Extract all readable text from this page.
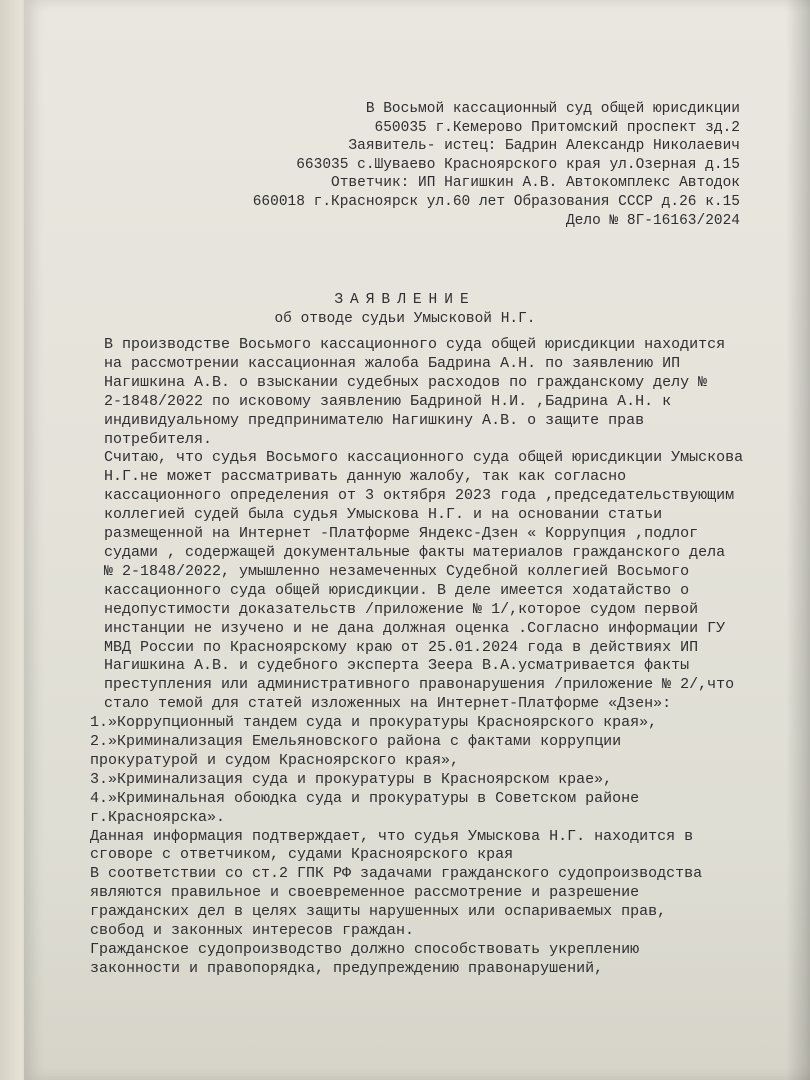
В Восьмой кассационный суд общей юрисдикции
650035 г.Кемерово Притомский проспект зд.2
Заявитель- истец: Бадрин Александр Николаевич
663035 с.Шуваево Красноярского края ул.Озерная д.15
Ответчик: ИП Нагишкин А.В. Автокомплекс Автодок
660018 г.Красноярск ул.60 лет Образования СССР д.26 к.15
Дело № 8Г-16163/2024
ЗАЯВЛЕНИЕ
об отводе судьи Умысковой Н.Г.
В производстве Восьмого кассационного суда общей юрисдикции находится
на рассмотрении кассационная жалоба Бадрина А.Н. по заявлению ИП
Нагишкина А.В. о взыскании судебных расходов по гражданскому делу №
2-1848/2022 по исковому заявлению Бадриной Н.И. ,Бадрина А.Н. к
индивидуальному предпринимателю Нагишкину А.В. о защите прав
потребителя.
Считаю, что судья Восьмого кассационного суда общей юрисдикции Умыскова
Н.Г.не может рассматривать данную жалобу, так как согласно
кассационного определения от 3 октября 2023 года ,председательствующим
коллегией судей была судья Умыскова Н.Г. и на основании статьи
размещенной на Интернет -Платформе Яндекс-Дзен « Коррупция ,подлог
судами , содержащей документальные факты материалов гражданского дела
№ 2-1848/2022, умышленно незамеченных Судебной коллегией Восьмого
кассационного суда общей юрисдикции. В деле имеется ходатайство о
недопустимости доказательств /приложение № 1/,которое судом первой
инстанции не изучено и не дана должная оценка .Согласно информации ГУ
МВД России по Красноярскому краю от 25.01.2024 года в действиях ИП
Нагишкина А.В. и судебного эксперта Зеера В.А.усматривается факты
преступления или административного правонарушения /приложение № 2/,что
стало темой для статей изложенных на Интернет-Платформе «Дзен»:
1.»Коррупционный тандем суда и прокуратуры Красноярского края»,
2.»Криминализация Емельяновского района с фактами коррупции
прокуратурой и судом Красноярского края»,
3.»Криминализация суда и прокуратуры в Красноярском крае»,
4.»Криминальная обоюдка суда и прокуратуры в Советском районе
г.Красноярска».
Данная информация подтверждает, что судья Умыскова Н.Г. находится в
сговоре с ответчиком, судами Красноярского края
В соответствии со ст.2 ГПК РФ задачами гражданского судопроизводства
являются правильное и своевременное рассмотрение и разрешение
гражданских дел в целях защиты нарушенных или оспариваемых прав,
свобод и законных интересов граждан.
Гражданское судопроизводство должно способствовать укреплению
законности и правопорядка, предупреждению правонарушений,
